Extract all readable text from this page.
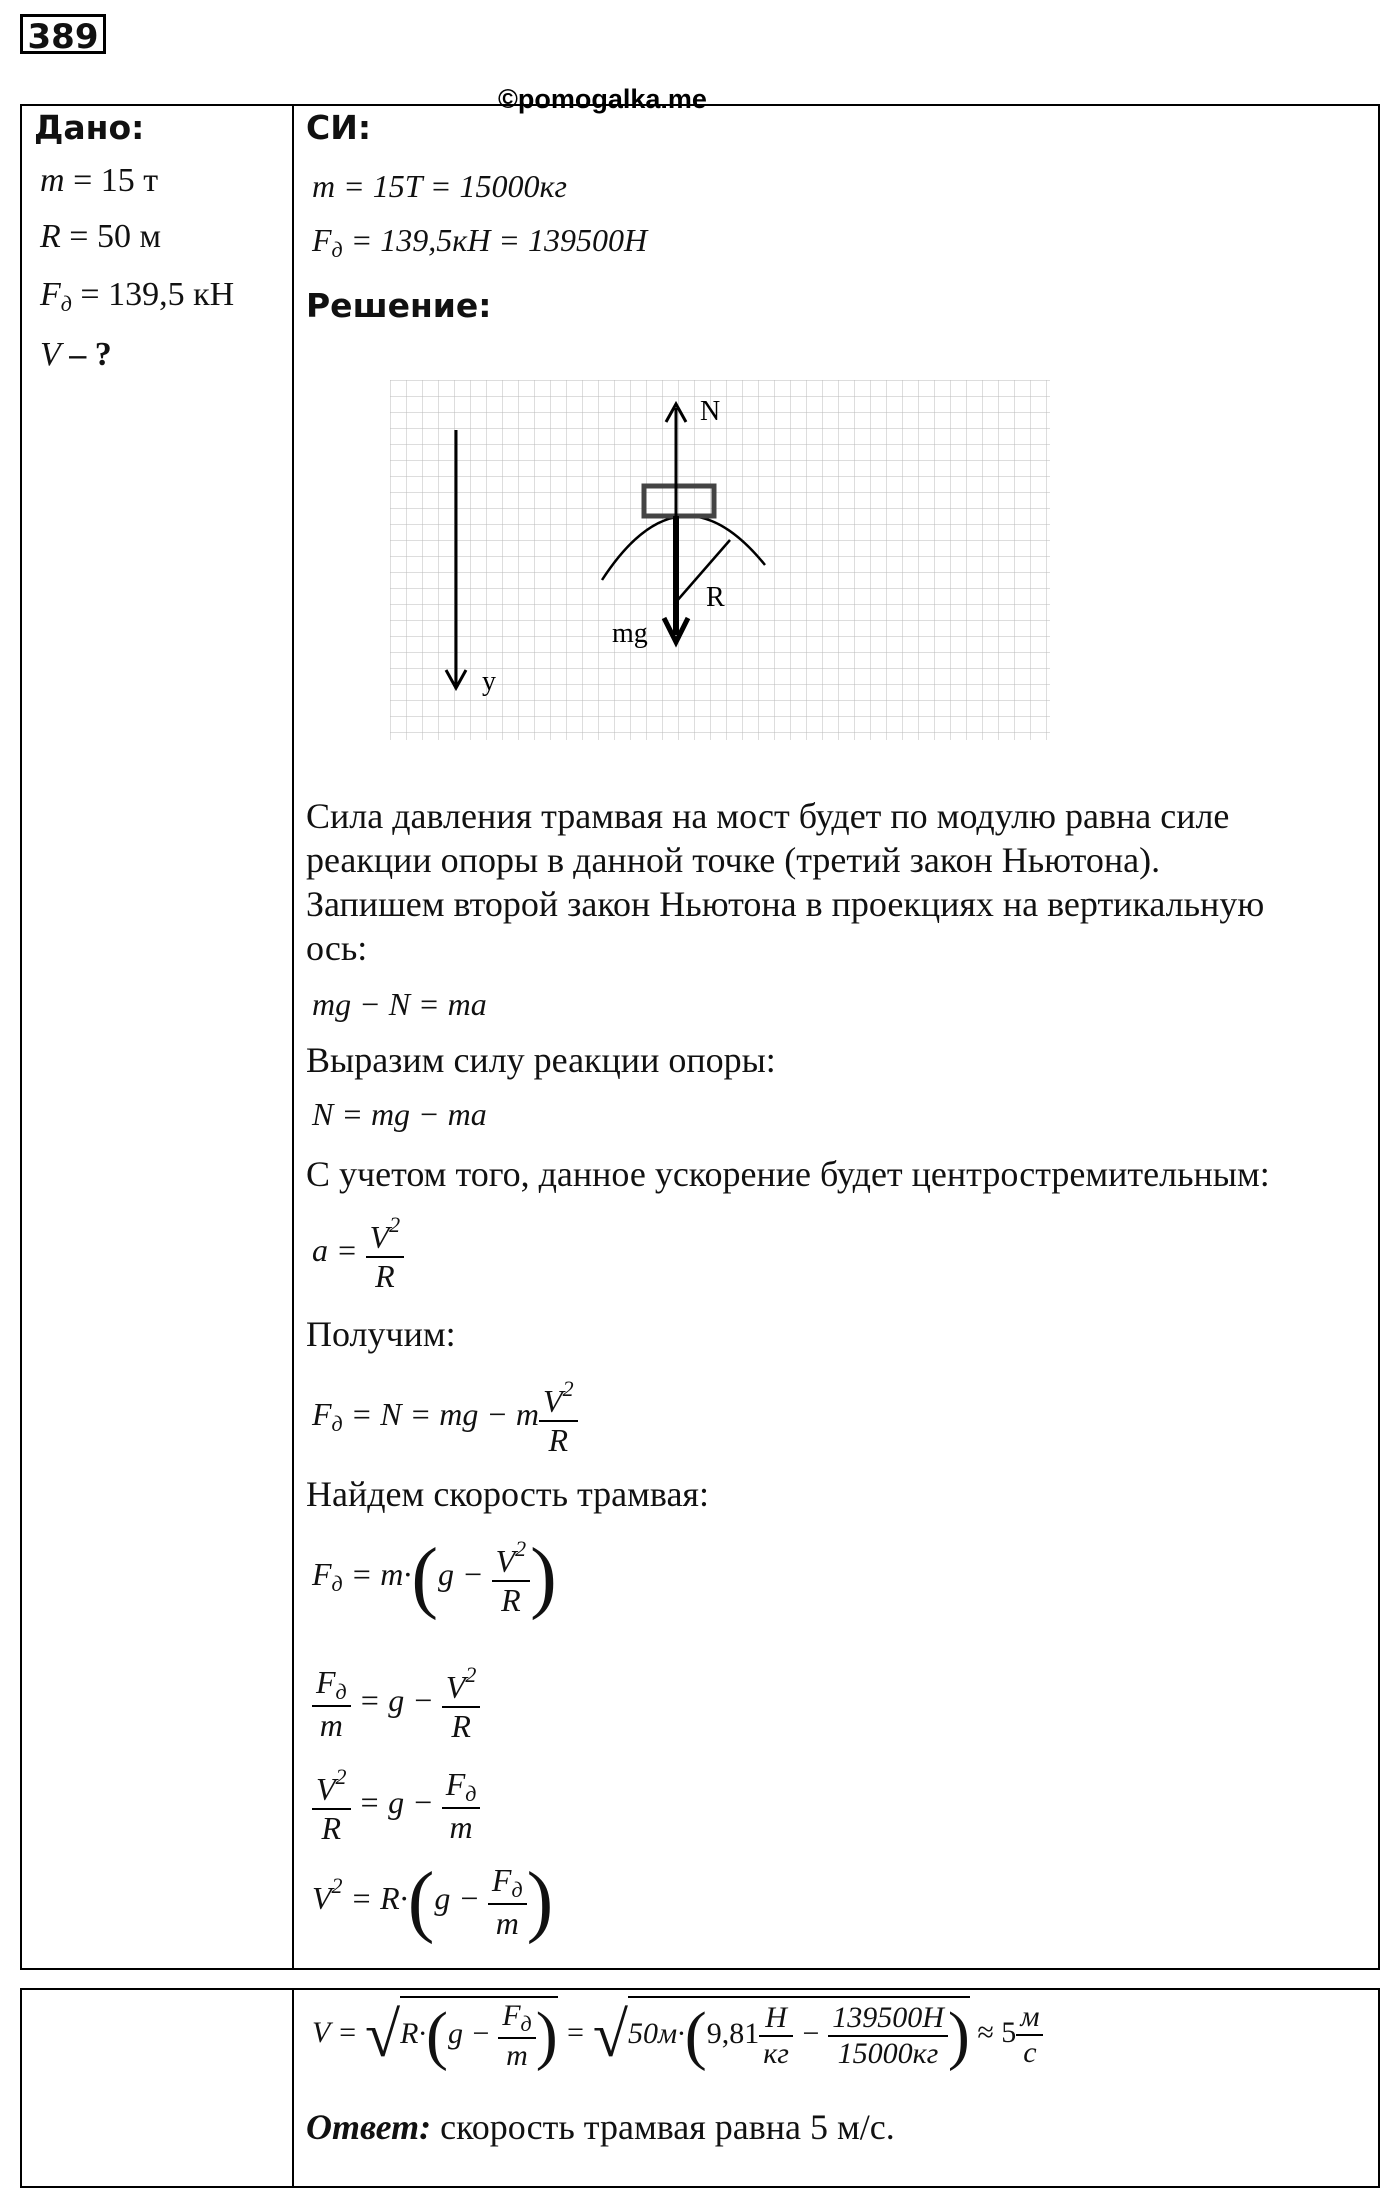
389
©pomogalka.me
Дано:
m = 15 т
R = 50 м
$F_д = 139,5$ кН
V – ?
СИ:
m = 15T = 15000кг
$F_д = 139,5кН = 139500Н$
Решение:
y
N
mg
R
Сила давления трамвая на мост будет по модулю равна силе
реакции опоры в данной точке (третий закон Ньютона).
Запишем второй закон Ньютона в проекциях на вертикальную
ось:
mg − N = ma
Выразим силу реакции опоры:
N = mg − ma
С учетом того, данное ускорение будет центростремительным:
$a = \frac{V^2}{R}$
Получим:
$F_д = N$ = mg − m $\frac{V^2}{R}$
Найдем скорость трамвая:
$F_д = m\cdot(g - \frac{V^2}{R}$ )
$\frac{F_д}{m} = g - \frac{V^2}{R}$
$\frac{V^2}{R} = g - \frac{F_д}{m}$
$V^2 = R\cdot(g - \frac{F_д}{m}$ )
$V = √R\cdot(g - \frac{F_д}{m}$ ) = $√50м\cdot(9,81 \frac{Н}{кг} - \frac{139500Н}{15000кг}$ ) ≈ $5 \frac{м}{с}$
Ответ: скорость трамвая равна 5 м/с.
